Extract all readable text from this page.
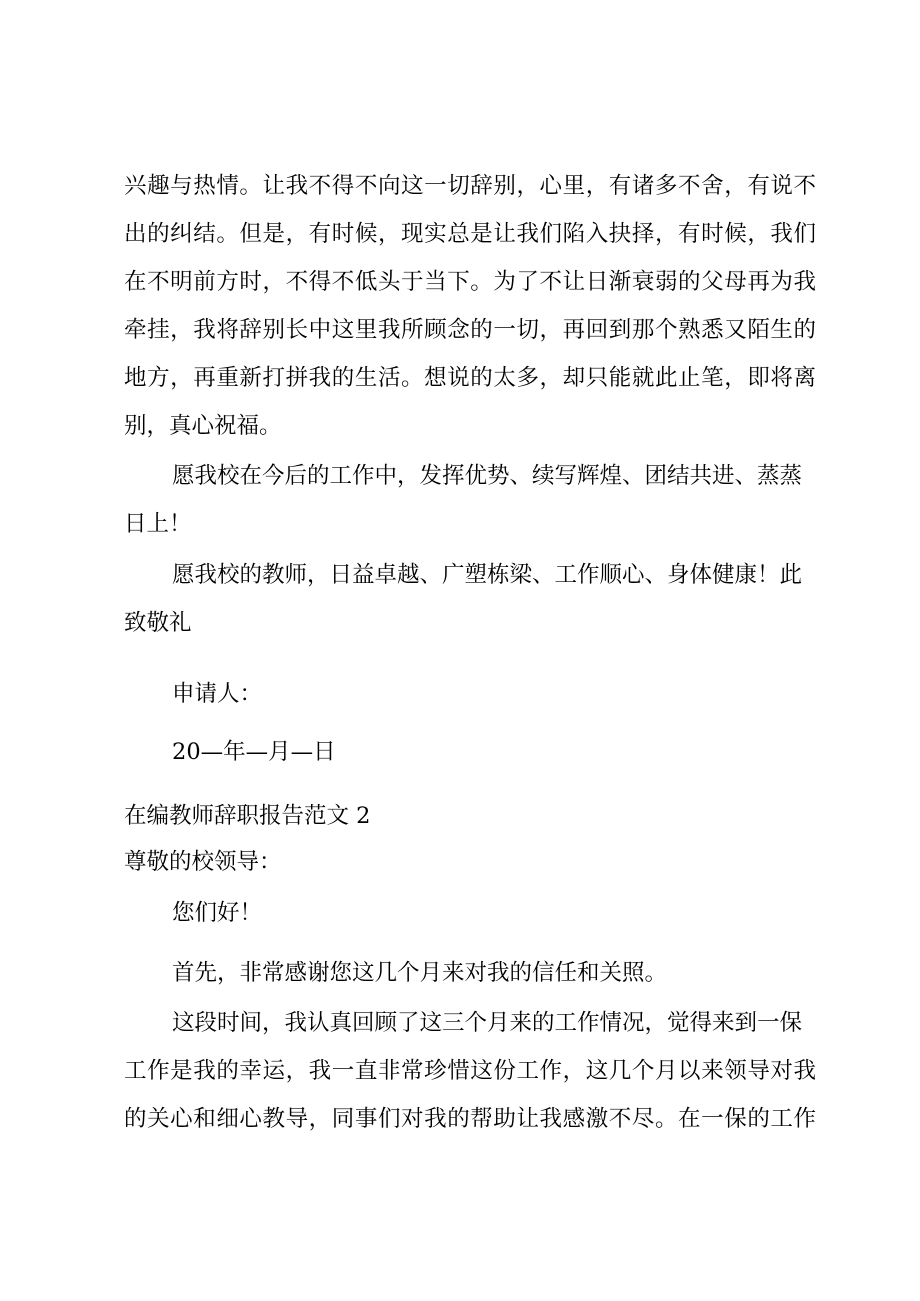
兴趣与热情。让我不得不向这一切辞别，心里，有诸多不舍，有说不
出的纠结。但是，有时候，现实总是让我们陷入抉择，有时候，我们
在不明前方时，不得不低头于当下。为了不让日渐衰弱的父母再为我
牵挂，我将辞别长中这里我所顾念的一切，再回到那个熟悉又陌生的
地方，再重新打拼我的生活。想说的太多，却只能就此止笔，即将离
别，真心祝福。
愿我校在今后的工作中，发挥优势、续写辉煌、团结共进、蒸蒸
日上！
愿我校的教师，日益卓越、广塑栋梁、工作顺心、身体健康！此
致敬礼
申请人：
20—年—月—日
在编教师辞职报告范文 2
尊敬的校领导：
您们好！
首先，非常感谢您这几个月来对我的信任和关照。
这段时间，我认真回顾了这三个月来的工作情况，觉得来到一保
工作是我的幸运，我一直非常珍惜这份工作，这几个月以来领导对我
的关心和细心教导，同事们对我的帮助让我感激不尽。在一保的工作
